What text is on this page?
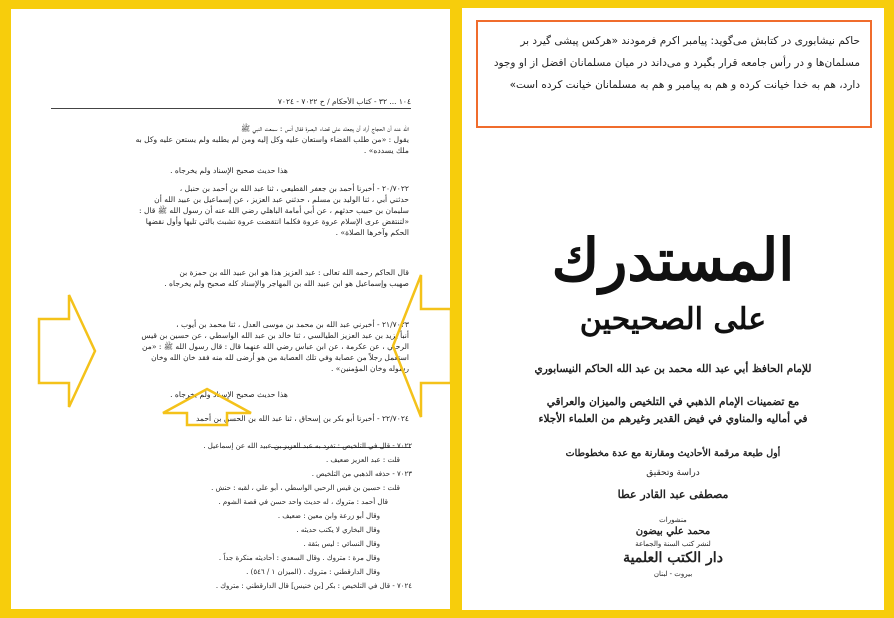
١٠٤ ... ٣٢ - كتاب الأحكام / ح ٧٠٢٢ - ٧٠٢٤
الله عنه أن الحجاج أراد أن يجعله على قضاء البصرة فقال أنس : سمعت النبي ﷺ
يقول : «من طلب القضاء واستعان عليه وكل إليه ومن لم يطلبه ولم يستعن عليه وكل به
ملك يسدده» .
هذا حديث صحيح الإسناد ولم يخرجاه .
٢٠/٧٠٢٢ - أخبرنا أحمد بن جعفر القطيعي ، ثنا عبد الله بن أحمد بن حنبل ،
حدثني أبي ، ثنا الوليد بن مسلم ، حدثني عبد العزيز ، عن إسماعيل بن عبيد الله أن
سليمان بن حبيب حدثهم ، عن أبي أمامة الباهلي رضي الله عنه أن رسول الله ﷺ قال :
«لتنتقض عرى الإسلام عروة عروة فكلما انتقضت عروة تشبث بالتي تليها وأول نقضها
الحكم وآخرها الصلاة» .
قال الحاكم رحمه الله تعالى : عبد العزيز هذا هو ابن عبيد الله بن حمزة بن
صهيب وإسماعيل هو ابن عبيد الله بن المهاجر والإسناد كله صحيح ولم يخرجاه .
٢١/٧٠٢٣ - أخبرني عبد الله بن محمد بن موسى العدل ، ثنا محمد بن أيوب ،
أنبأ يزيد بن عبد العزيز الطيالسي ، ثنا خالد بن عبد الله الواسطي ، عن حسين بن قيس
الرحبي ، عن عكرمة ، عن ابن عباس رضي الله عنهما قال : قال رسول الله ﷺ : «من
استعمل رجلاً من عصابة وفي تلك العصابة من هو أرضى لله منه فقد خان الله وخان
رسوله وخان المؤمنين» .
هذا حديث صحيح الإسناد ولم يخرجاه .
٢٢/٧٠٢٤ - أخبرنا أبو بكر بن إسحاق ، ثنا عبد الله بن الحسن بن أحمد
٧٠٢٢ - قال في التلخيص : تفرد به عبد العزيز بن عبيد الله عن إسماعيل .
قلت : عبد العزيز ضعيف .
٧٠٢٣ - حذفه الذهبي من التلخيص .
قلت : حسين بن قيس الرحبي الواسطي ، أبو علي ، لقبه : حنش .
قال أحمد : متروك ، له حديث واحد حسن في قصة الشوم .
وقال أبو زرعة وابن معين : ضعيف .
وقال البخاري لا يكتب حديثه .
وقال النسائي : ليس بثقة .
وقال مرة : متروك . وقال السعدي : أحاديثه منكرة جداً .
وقال الدارقطني : متروك . (الميزان ١ / ٥٤٦) .
٧٠٢٤ - قال في التلخيص : بكر [بن خنيس] قال الدارقطني : متروك .
حاکم نیشابوری در کتابش می‌گوید: پیامبر اکرم فرمودند «هرکس پیشی گیرد بر مسلمان‌ها و در رأس جامعه قرار بگیرد و می‌داند در میان مسلمانان افضل از او وجود دارد، هم به خدا خیانت کرده و هم به پیامبر و هم به مسلمانان خیانت کرده است»
المستدرك
على الصحيحين
للإمام الحافظ أبي عبد الله محمد بن عبد الله الحاكم النيسابوري
مع تضمينات الإمام الذهبي في التلخيص والميزان والعراقي
في أماليه والمناوي في فيض القدير وغيرهم من العلماء الأجلاء
أول طبعة مرقمة الأحاديث ومقارنة مع عدة مخطوطات
دراسة وتحقيق
مصطفى عبد القادر عطا
منشورات
محمد علي بيضون
لنشر كتب السنة والجماعة
دار الكتب العلمية
بيروت - لبنان
